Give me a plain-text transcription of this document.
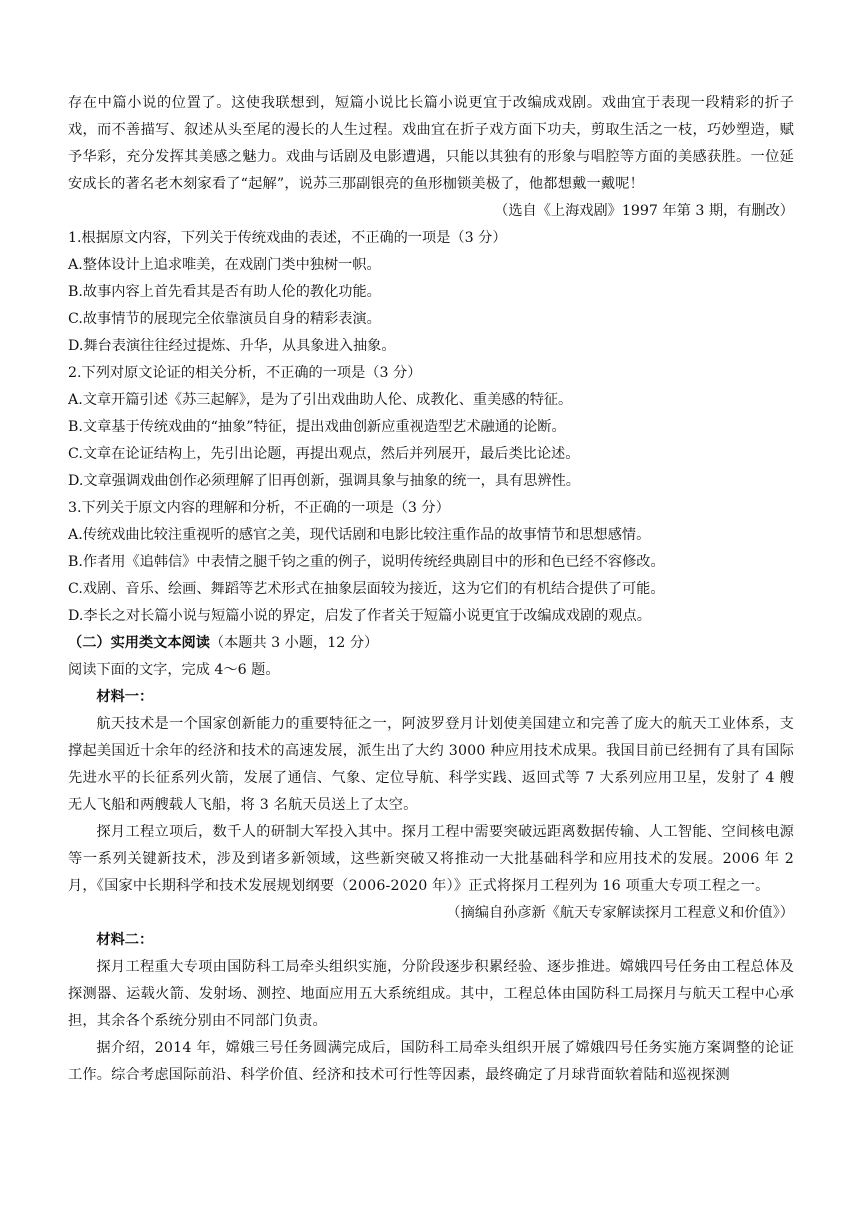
存在中篇小说的位置了。这使我联想到，短篇小说比长篇小说更宜于改编成戏剧。戏曲宜于表现一段精彩的折子戏，而不善描写、叙述从头至尾的漫长的人生过程。戏曲宜在折子戏方面下功夫，剪取生活之一枝，巧妙塑造，赋予华彩，充分发挥其美感之魅力。戏曲与话剧及电影遭遇，只能以其独有的形象与唱腔等方面的美感获胜。一位延安成长的著名老木刻家看了“起解”，说苏三那副银亮的鱼形枷锁美极了，他都想戴一戴呢！

（选自《上海戏剧》1997 年第 3 期，有删改）

1.根据原文内容，下列关于传统戏曲的表述，不正确的一项是（3 分）

A.整体设计上追求唯美，在戏剧门类中独树一帜。

B.故事内容上首先看其是否有助人伦的教化功能。

C.故事情节的展现完全依靠演员自身的精彩表演。

D.舞台表演往往经过提炼、升华，从具象进入抽象。

2.下列对原文论证的相关分析，不正确的一项是（3 分）

A.文章开篇引述《苏三起解》，是为了引出戏曲助人伦、成教化、重美感的特征。

B.文章基于传统戏曲的“抽象”特征，提出戏曲创新应重视造型艺术融通的论断。

C.文章在论证结构上，先引出论题，再提出观点，然后并列展开，最后类比论述。

D.文章强调戏曲创作必须理解了旧再创新，强调具象与抽象的统一，具有思辨性。

3.下列关于原文内容的理解和分析，不正确的一项是（3 分）

A.传统戏曲比较注重视听的感官之美，现代话剧和电影比较注重作品的故事情节和思想感情。

B.作者用《追韩信》中表情之腿千钧之重的例子，说明传统经典剧目中的形和色已经不容修改。

C.戏剧、音乐、绘画、舞蹈等艺术形式在抽象层面较为接近，这为它们的有机结合提供了可能。

D.李长之对长篇小说与短篇小说的界定，启发了作者关于短篇小说更宜于改编成戏剧的观点。

（二）实用类文本阅读（本题共 3 小题，12 分）

阅读下面的文字，完成 4～6 题。

材料一：

航天技术是一个国家创新能力的重要特征之一，阿波罗登月计划使美国建立和完善了庞大的航天工业体系，支撑起美国近十余年的经济和技术的高速发展，派生出了大约 3000 种应用技术成果。我国目前已经拥有了具有国际先进水平的长征系列火箭，发展了通信、气象、定位导航、科学实践、返回式等 7 大系列应用卫星，发射了 4 艘无人飞船和两艘载人飞船，将 3 名航天员送上了太空。

探月工程立项后，数千人的研制大军投入其中。探月工程中需要突破远距离数据传输、人工智能、空间核电源等一系列关键新技术，涉及到诸多新领域，这些新突破又将推动一大批基础科学和应用技术的发展。2006 年 2 月，《国家中长期科学和技术发展规划纲要（2006-2020 年）》正式将探月工程列为 16 项重大专项工程之一。

（摘编自孙彦新《航天专家解读探月工程意义和价值》）

材料二：

探月工程重大专项由国防科工局牵头组织实施，分阶段逐步积累经验、逐步推进。嫦娥四号任务由工程总体及探测器、运载火箭、发射场、测控、地面应用五大系统组成。其中，工程总体由国防科工局探月与航天工程中心承担，其余各个系统分别由不同部门负责。

据介绍，2014 年，嫦娥三号任务圆满完成后，国防科工局牵头组织开展了嫦娥四号任务实施方案调整的论证工作。综合考虑国际前沿、科学价值、经济和技术可行性等因素，最终确定了月球背面软着陆和巡视探测
